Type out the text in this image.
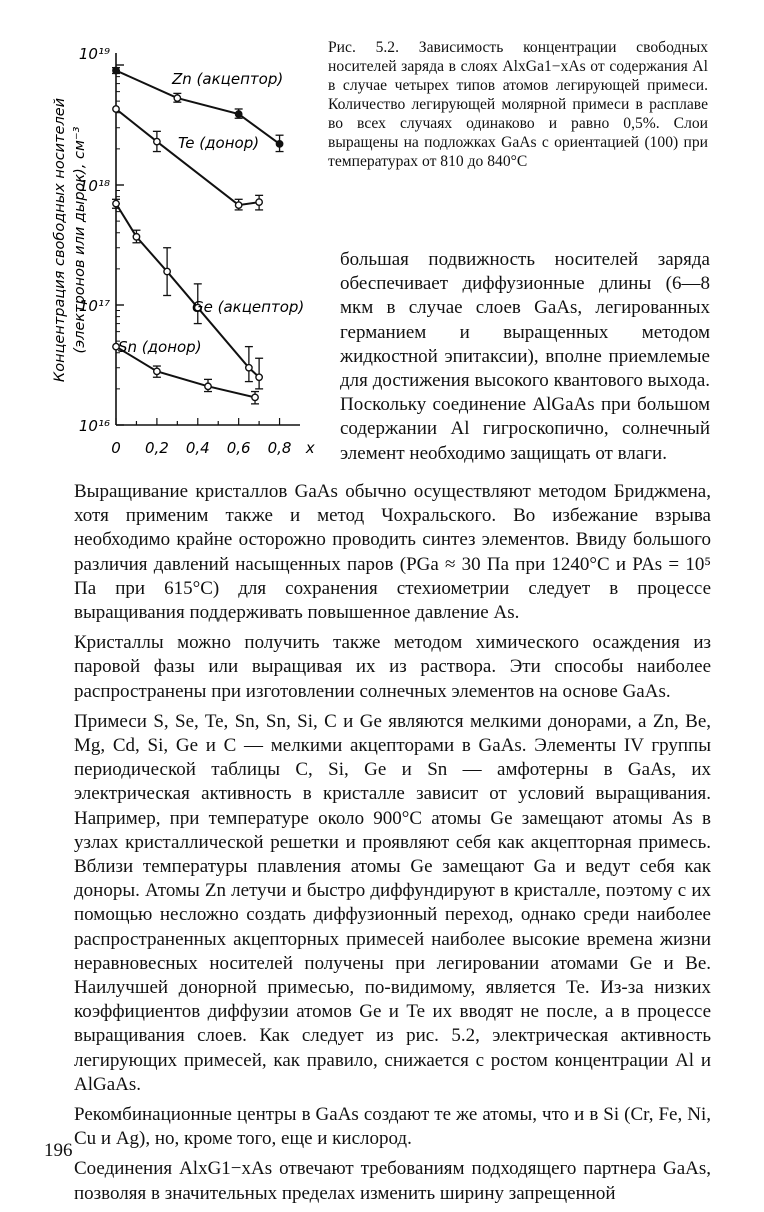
0 0,2 0,4 0,6 0,8 x
10¹⁶
10¹⁷
10¹⁸
10¹⁹
Концентрация свободных носителей (электронов или дырок), см⁻³
Zn (акцептор)
Te (донор)
Ge (акцептор)
Sn (донор)
Рис. 5.2. Зависимость концентрации свободных носителей заряда в слоях AlxGa1−xAs от содержания Al в случае четырех типов атомов легирующей примеси. Количество легирующей молярной примеси в расплаве во всех случаях одинаково и равно 0,5%. Слои выращены на подложках GaAs с ориентацией (100) при температурах от 810 до 840°С

большая подвижность носителей заряда обеспечивает диффузионные длины (6—8 мкм в случае слоев GaAs, легированных германием и выращенных методом жидкостной эпитаксии), вполне приемлемые для достижения высокого квантового выхода. Поскольку соединение AlGaAs при большом содержании Al гигроскопично, солнечный элемент необходимо защищать от влаги.

Выращивание кристаллов GaAs обычно осуществляют методом Бриджмена, хотя применим также и метод Чохральского. Во избежание взрыва необходимо крайне осторожно проводить синтез элементов. Ввиду большого различия давлений насыщенных паров (PGa ≈ 30 Па при 1240°С и PAs = 10⁵ Па при 615°С) для сохранения стехиометрии следует в процессе выращивания поддерживать повышенное давление As.

Кристаллы можно получить также методом химического осаждения из паровой фазы или выращивая их из раствора. Эти способы наиболее распространены при изготовлении солнечных элементов на основе GaAs.

Примеси S, Se, Te, Sn, Sn, Si, C и Ge являются мелкими донорами, а Zn, Be, Mg, Cd, Si, Ge и С — мелкими акцепторами в GaAs. Элементы IV группы периодической таблицы C, Si, Ge и Sn — амфотерны в GaAs, их электрическая активность в кристалле зависит от условий выращивания. Например, при температуре около 900°С атомы Ge замещают атомы As в узлах кристаллической решетки и проявляют себя как акцепторная примесь. Вблизи температуры плавления атомы Ge замещают Ga и ведут себя как доноры. Атомы Zn летучи и быстро диффундируют в кристалле, поэтому с их помощью несложно создать диффузионный переход, однако среди наиболее распространенных акцепторных примесей наиболее высокие времена жизни неравновесных носителей получены при легировании атомами Ge и Be. Наилучшей донорной примесью, по-видимому, является Te. Из-за низких коэффициентов диффузии атомов Ge и Te их вводят не после, а в процессе выращивания слоев. Как следует из рис. 5.2, электрическая активность легирующих примесей, как правило, снижается с ростом концентрации Al и AlGaAs.

Рекомбинационные центры в GaAs создают те же атомы, что и в Si (Cr, Fe, Ni, Cu и Ag), но, кроме того, еще и кислород.

Соединения AlxG1−xAs отвечают требованиям подходящего партнера GaAs, позволяя в значительных пределах изменить ширину запрещенной

196
